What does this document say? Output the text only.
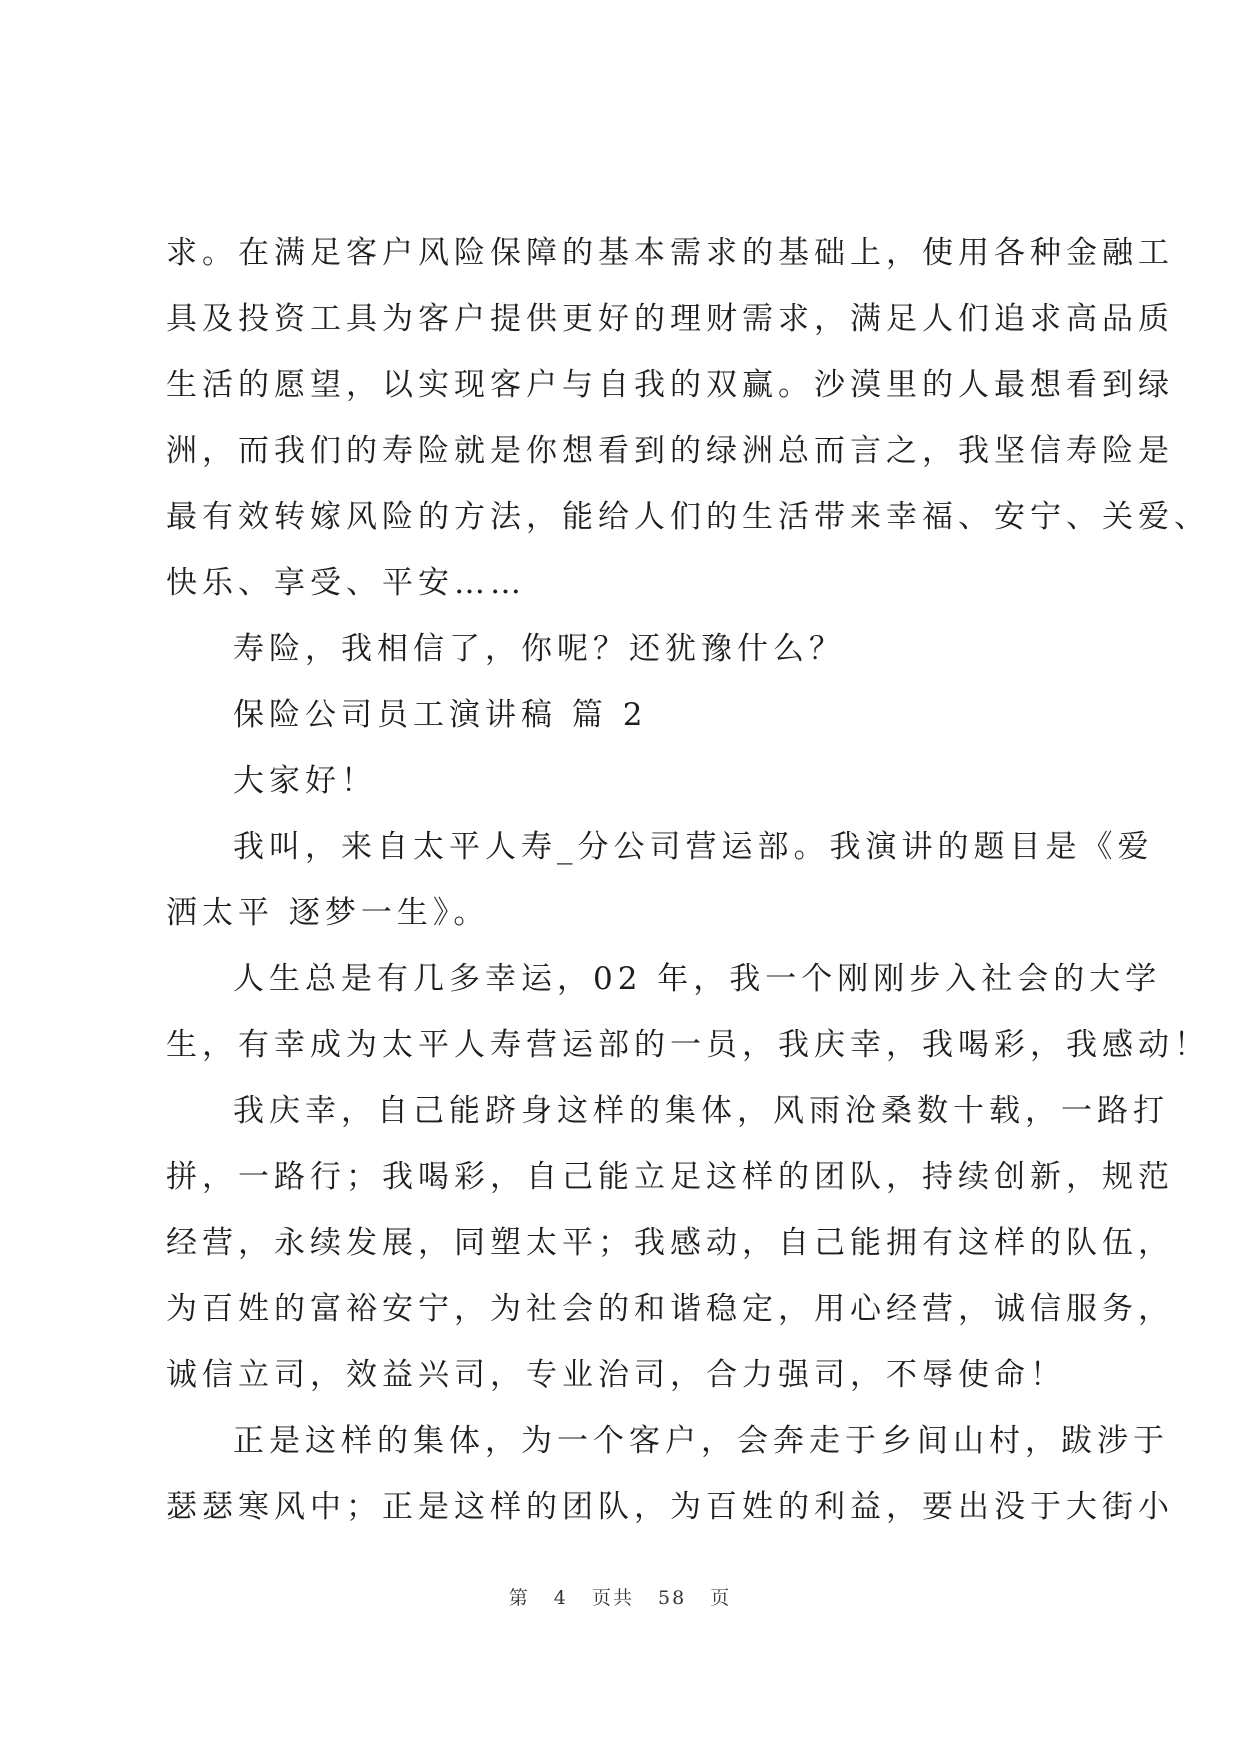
求。在满足客户风险保障的基本需求的基础上，使用各种金融工
具及投资工具为客户提供更好的理财需求，满足人们追求高品质
生活的愿望，以实现客户与自我的双赢。沙漠里的人最想看到绿
洲，而我们的寿险就是你想看到的绿洲总而言之，我坚信寿险是
最有效转嫁风险的方法，能给人们的生活带来幸福、安宁、关爱、
快乐、享受、平安……
寿险，我相信了，你呢？还犹豫什么？
保险公司员工演讲稿 篇 2
大家好！
我叫，来自太平人寿_分公司营运部。我演讲的题目是《爱
洒太平 逐梦一生》。
人生总是有几多幸运，02 年，我一个刚刚步入社会的大学
生，有幸成为太平人寿营运部的一员，我庆幸，我喝彩，我感动！
我庆幸，自己能跻身这样的集体，风雨沧桑数十载，一路打
拼，一路行；我喝彩，自己能立足这样的团队，持续创新，规范
经营，永续发展，同塑太平；我感动，自己能拥有这样的队伍，
为百姓的富裕安宁，为社会的和谐稳定，用心经营，诚信服务，
诚信立司，效益兴司，专业治司，合力强司，不辱使命！
正是这样的集体，为一个客户，会奔走于乡间山村，跋涉于
瑟瑟寒风中；正是这样的团队，为百姓的利益，要出没于大街小
第 4 页共 58 页
